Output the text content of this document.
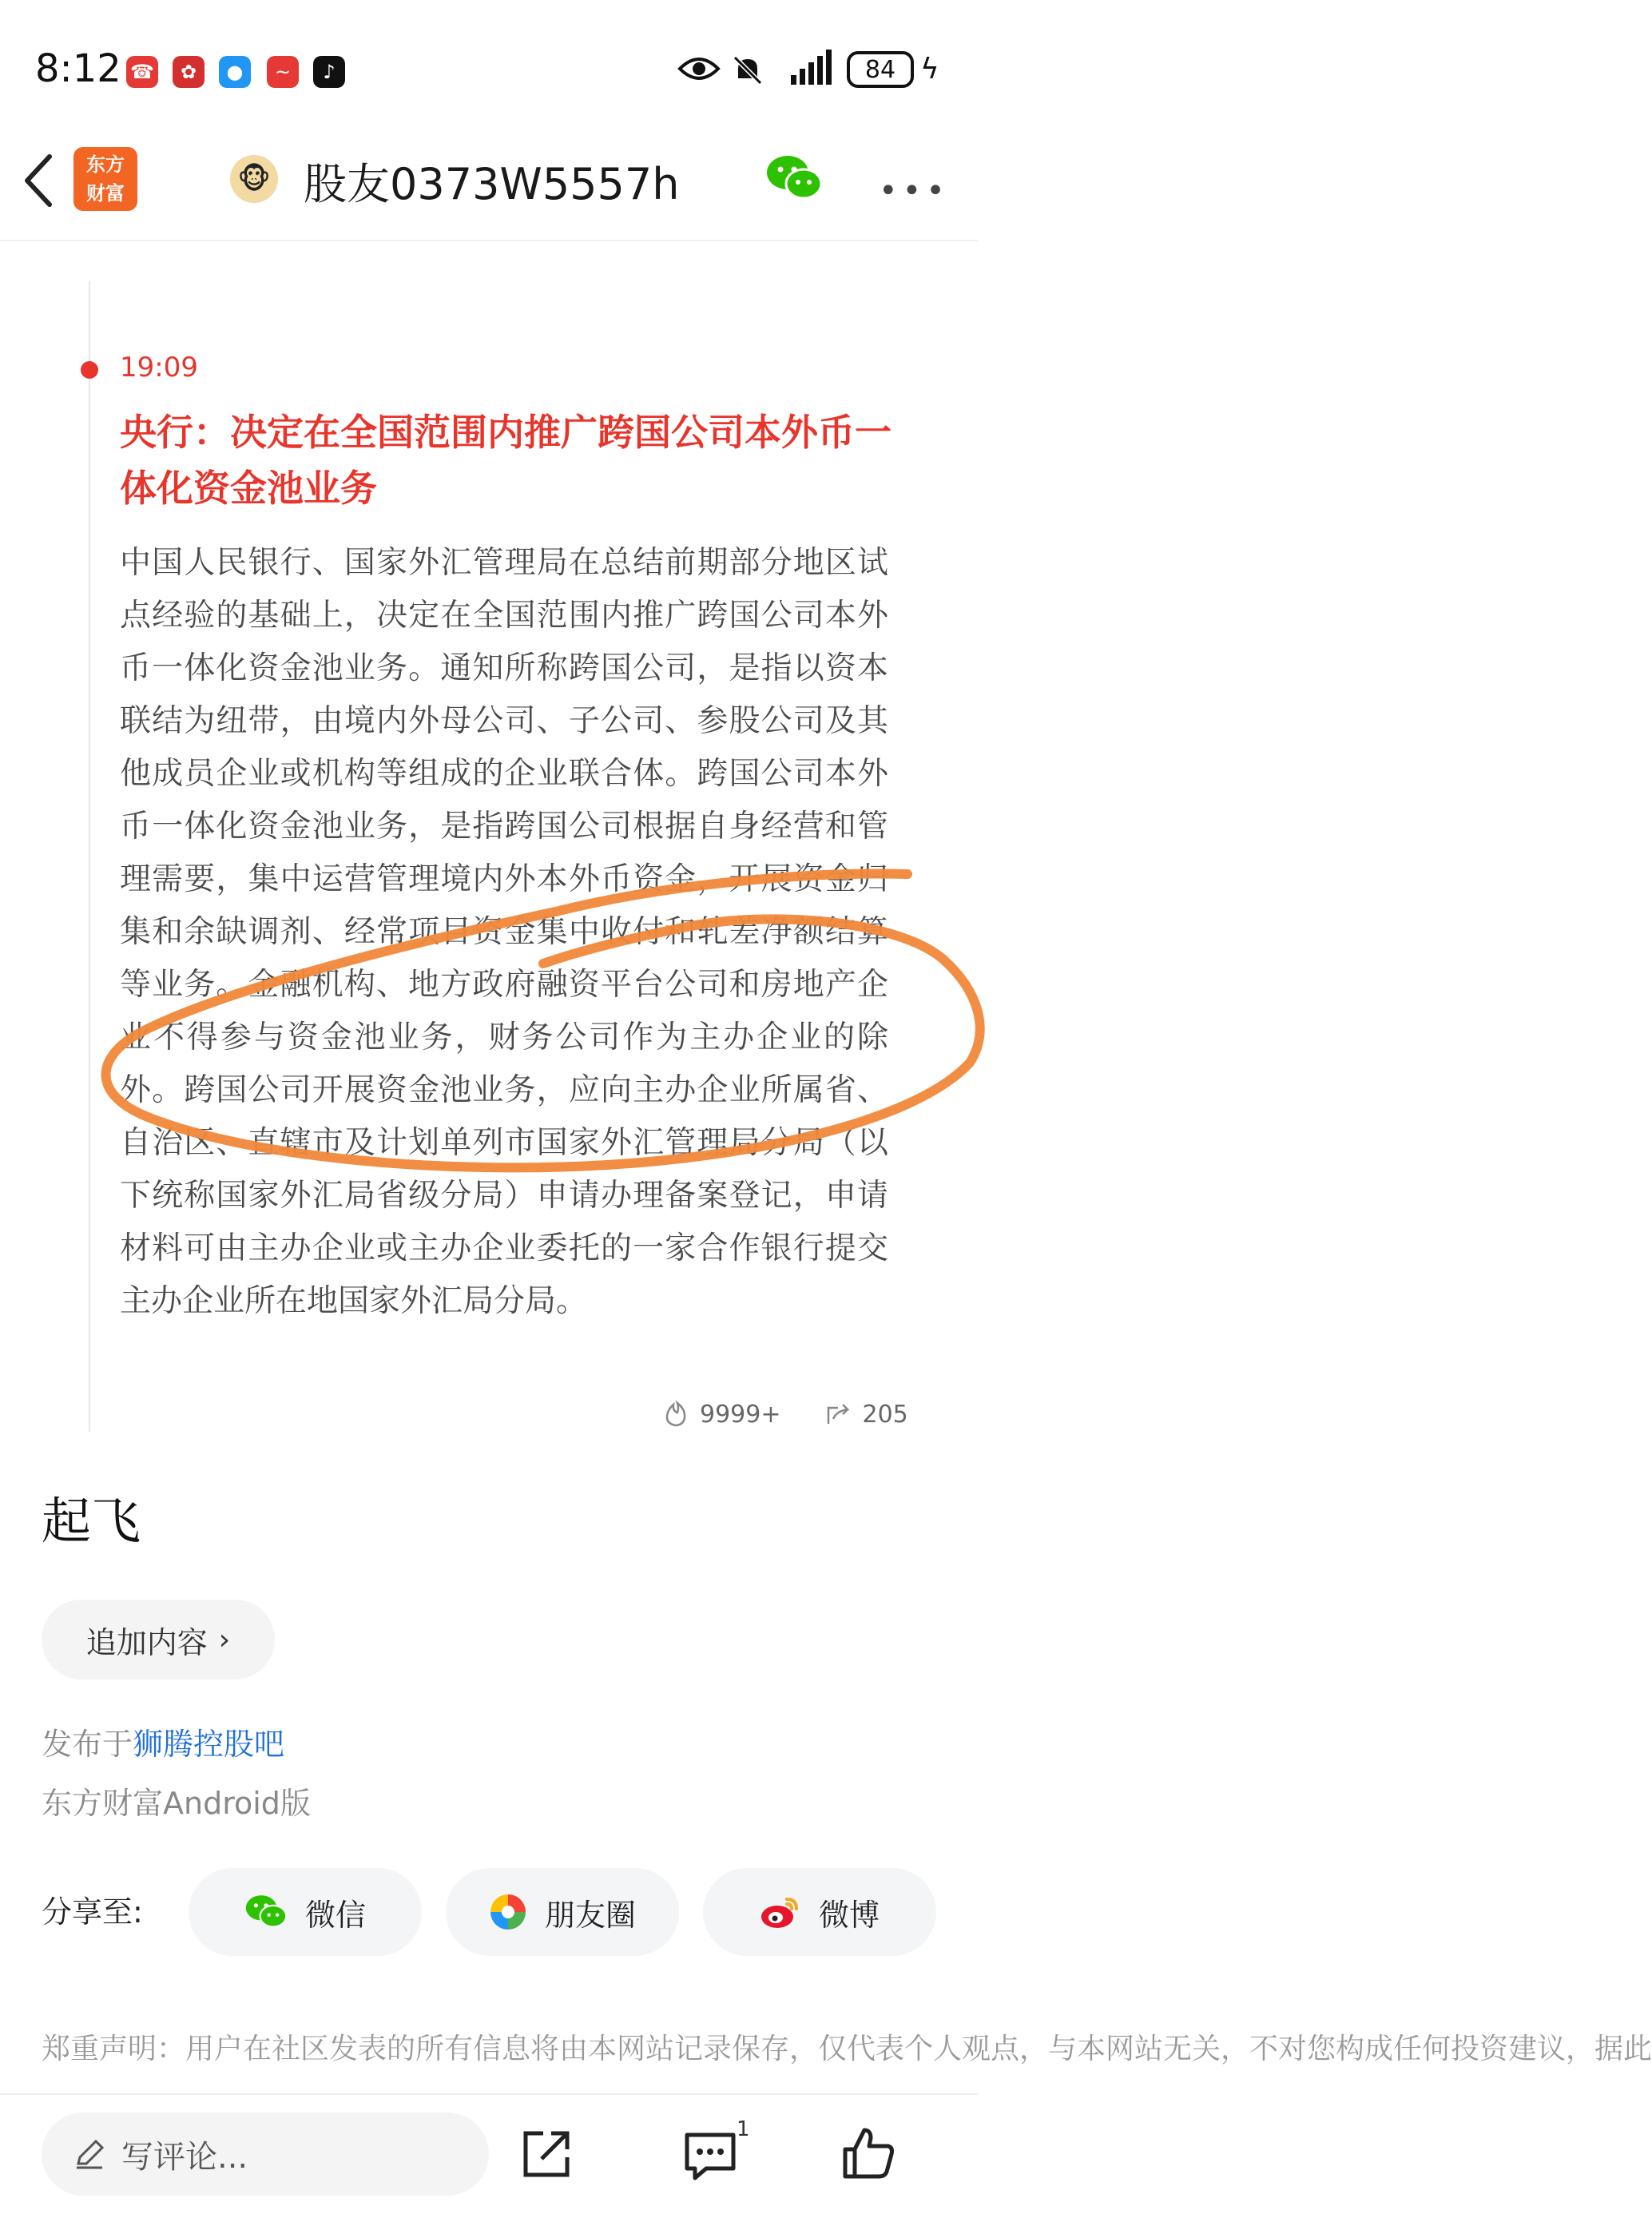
8:12 ☎	✿	●	~	♪	84 ϟ
东方
财富	🐵 股友0373W5557h	•••
19:09
央行：决定在全国范围内推广跨国公司本外币一体化资金池业务
中国人民银行、国家外汇管理局在总结前期部分地区试点经验的基础上，决定在全国范围内推广跨国公司本外币一体化资金池业务。通知所称跨国公司，是指以资本联结为纽带，由境内外母公司、子公司、参股公司及其他成员企业或机构等组成的企业联合体。跨国公司本外币一体化资金池业务，是指跨国公司根据自身经营和管理需要，集中运营管理境内外本外币资金，开展资金归集和余缺调剂、经常项目资金集中收付和轧差净额结算等业务。金融机构、地方政府融资平台公司和房地产企业不得参与资金池业务，财务公司作为主办企业的除外。跨国公司开展资金池业务，应向主办企业所属省、自治区、直辖市及计划单列市国家外汇管理局分局（以下统称国家外汇局省级分局）申请办理备案登记，申请材料可由主办企业或主办企业委托的一家合作银行提交主办企业所在地国家外汇局分局。
9999+	205
起飞
追加内容 ›
发布于狮腾控股吧
东方财富Android版
分享至:	微信	朋友圈	微博
郑重声明：用户在社区发表的所有信息将由本网站记录保存，仅代表个人观点，与本网站无关，不对您构成任何投资建议，据此
写评论...
1
